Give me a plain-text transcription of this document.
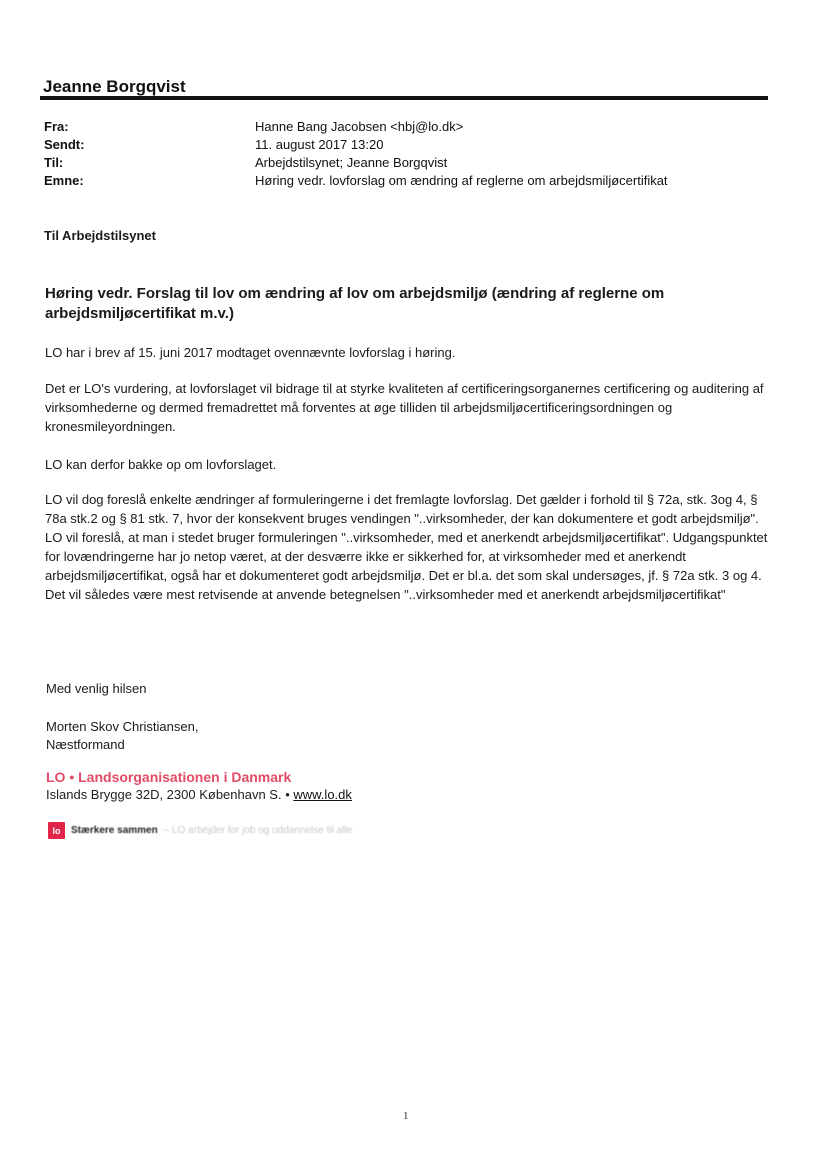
Jeanne Borgqvist
Fra:	Hanne Bang Jacobsen <hbj@lo.dk>
Sendt:	11. august 2017 13:20
Til:	Arbejdstilsynet; Jeanne Borgqvist
Emne:	Høring vedr. lovforslag om ændring af reglerne om arbejdsmiljøcertifikat
Til Arbejdstilsynet
Høring vedr. Forslag til lov om ændring af lov om arbejdsmiljø (ændring af reglerne om arbejdsmiljøcertifikat m.v.)

LO har i brev af 15. juni 2017 modtaget ovennævnte lovforslag i høring.

Det er LO's vurdering, at lovforslaget vil bidrage til at styrke kvaliteten af certificeringsorganernes certificering og auditering af virksomhederne og dermed fremadrettet må forventes at øge tilliden til arbejdsmiljøcertificeringsordningen og kronesmileyordningen.

LO kan derfor bakke op om lovforslaget.

LO vil dog foreslå enkelte ændringer af formuleringerne i det fremlagte lovforslag. Det gælder i forhold til § 72a, stk. 3og 4, § 78a stk.2 og § 81 stk. 7, hvor der konsekvent bruges vendingen "..virksomheder, der kan dokumentere et godt arbejdsmiljø". LO vil foreslå, at man i stedet bruger formuleringen "..virksomheder, med et anerkendt arbejdsmiljøcertifikat". Udgangspunktet for lovændringerne har jo netop været, at der desværre ikke er sikkerhed for, at virksomheder med et anerkendt arbejdsmiljøcertifikat, også har et dokumenteret godt arbejdsmiljø. Det er bl.a. det som skal undersøges, jf. § 72a stk. 3 og 4. Det vil således være mest retvisende at anvende betegnelsen "..virksomheder med et anerkendt arbejdsmiljøcertifikat"

Med venlig hilsen
Morten Skov Christiansen,
Næstformand
LO • Landsorganisationen i Danmark
Islands Brygge 32D, 2300 København S. • www.lo.dk
lo	Stærkere sammen – LO arbejder for job og uddannelse til alle
1
